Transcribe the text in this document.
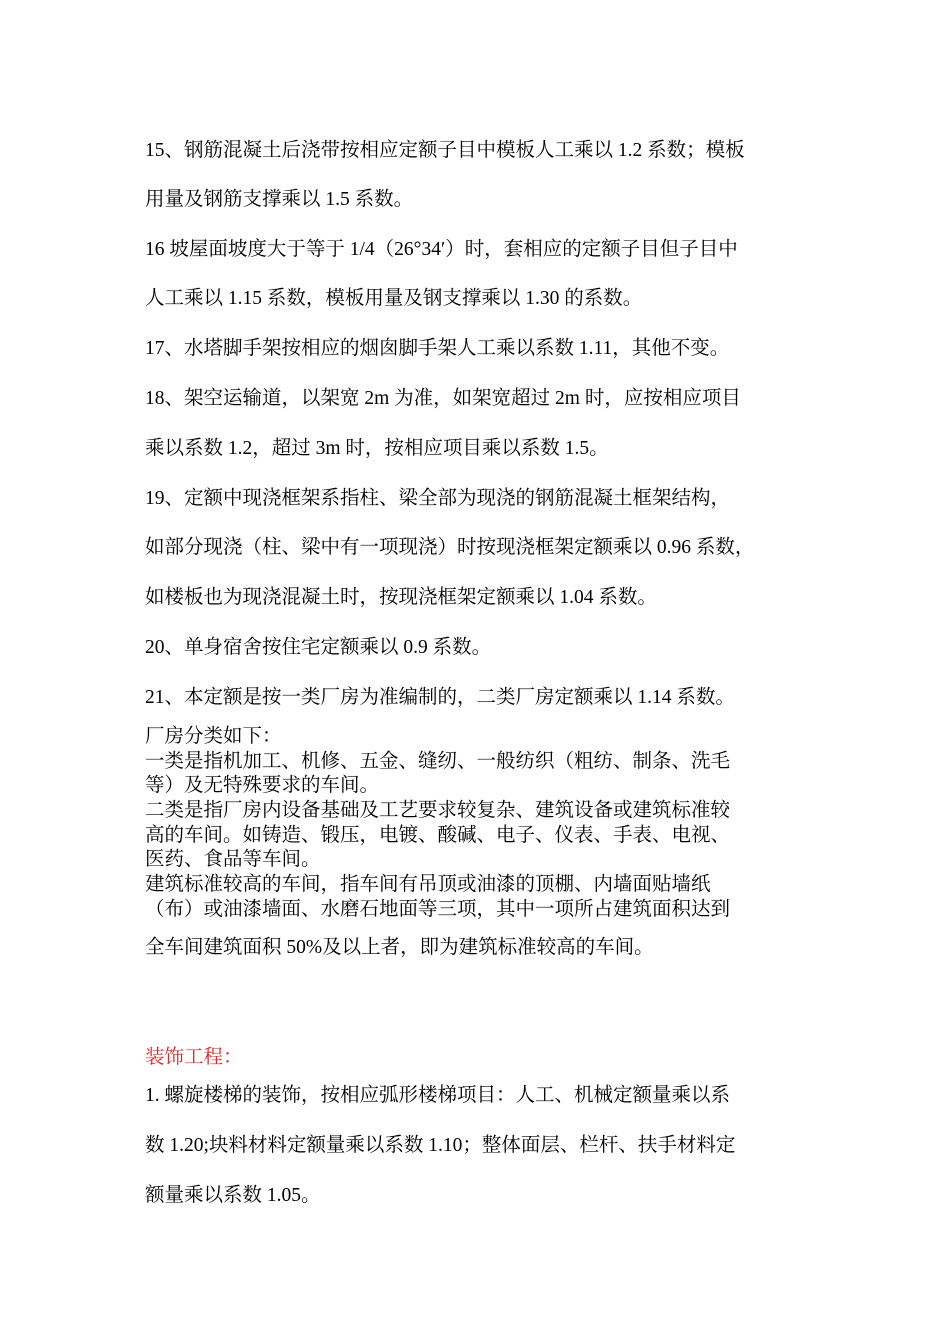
15、钢筋混凝土后浇带按相应定额子目中模板人工乘以 1.2 系数；模板
用量及钢筋支撑乘以 1.5 系数。
16 坡屋面坡度大于等于 1/4（26°34′）时，套相应的定额子目但子目中
人工乘以 1.15 系数，模板用量及钢支撑乘以 1.30 的系数。
17、水塔脚手架按相应的烟囱脚手架人工乘以系数 1.11，其他不变。
18、架空运输道，以架宽 2m 为准，如架宽超过 2m 时，应按相应项目
乘以系数 1.2，超过 3m 时，按相应项目乘以系数 1.5。
19、定额中现浇框架系指柱、梁全部为现浇的钢筋混凝土框架结构，
如部分现浇（柱、梁中有一项现浇）时按现浇框架定额乘以 0.96 系数，
如楼板也为现浇混凝土时，按现浇框架定额乘以 1.04 系数。
20、单身宿舍按住宅定额乘以 0.9 系数。
21、本定额是按一类厂房为准编制的，二类厂房定额乘以 1.14 系数。
厂房分类如下：
一类是指机加工、机修、五金、缝纫、一般纺织（粗纺、制条、洗毛
等）及无特殊要求的车间。
二类是指厂房内设备基础及工艺要求较复杂、建筑设备或建筑标准较
高的车间。如铸造、锻压，电镀、酸碱、电子、仪表、手表、电视、
医药、食品等车间。
建筑标准较高的车间，指车间有吊顶或油漆的顶棚、内墙面贴墙纸
（布）或油漆墙面、水磨石地面等三项，其中一项所占建筑面积达到
全车间建筑面积 50%及以上者，即为建筑标准较高的车间。
装饰工程：
1. 螺旋楼梯的装饰，按相应弧形楼梯项目：人工、机械定额量乘以系
数 1.20;块料材料定额量乘以系数 1.10；整体面层、栏杆、扶手材料定
额量乘以系数 1.05。
